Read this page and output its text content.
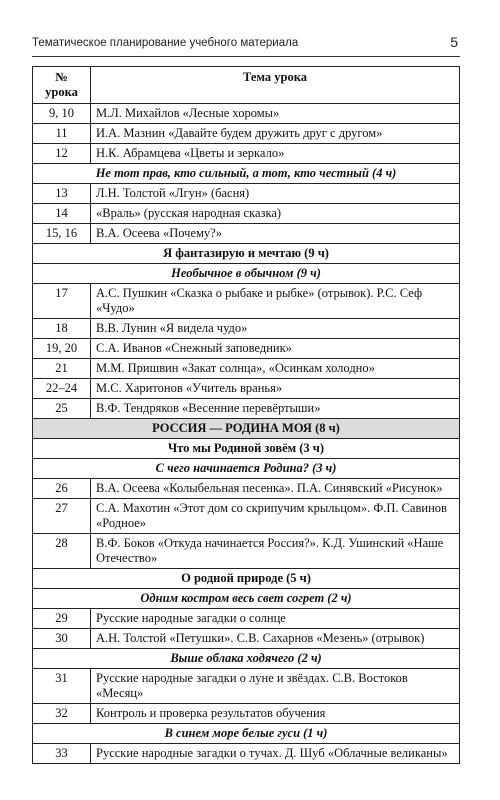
Тематическое планирование учебного материала	5
№ урока	Тема урока
9, 10	М.Л. Михайлов «Лесные хоромы»
11	И.А. Мазнин «Давайте будем дружить друг с другом»
12	Н.К. Абрамцева «Цветы и зеркало»
Не тот прав, кто сильный, а тот, кто честный (4 ч)	
13	Л.Н. Толстой «Лгун» (басня)
14	«Враль» (русская народная сказка)
15, 16	В.А. Осеева «Почему?»
Я фантазирую и мечтаю (9 ч)	
Необычное в обычном (9 ч)	
17	А.С. Пушкин «Сказка о рыбаке и рыбке» (отрывок). Р.С. Сеф «Чудо»
18	В.В. Лунин «Я видела чудо»
19, 20	С.А. Иванов «Снежный заповедник»
21	М.М. Пришвин «Закат солнца», «Осинкам холодно»
22–24	М.С. Харитонов «Учитель вранья»
25	В.Ф. Тендряков «Весенние перевёртыши»
РОССИЯ — РОДИНА МОЯ (8 ч)	
Что мы Родиной зовём (3 ч)	
С чего начинается Родина? (3 ч)	
26	В.А. Осеева «Колыбельная песенка». П.А. Синявский «Рисунок»
27	С.А. Махотин «Этот дом со скрипучим крыльцом». Ф.П. Савинов «Родное»
28	В.Ф. Боков «Откуда начинается Россия?». К.Д. Ушинский «Наше Отечество»
О родной природе (5 ч)	
Одним костром весь свет согрет (2 ч)	
29	Русские народные загадки о солнце
30	А.Н. Толстой «Петушки». С.В. Сахарнов «Мезень» (отрывок)
Выше облака ходячего (2 ч)	
31	Русские народные загадки о луне и звёздах. С.В. Востоков «Месяц»
32	Контроль и проверка результатов обучения
В синем море белые гуси (1 ч)	
33	Русские народные загадки о тучах. Д. Шуб «Облачные великаны»
